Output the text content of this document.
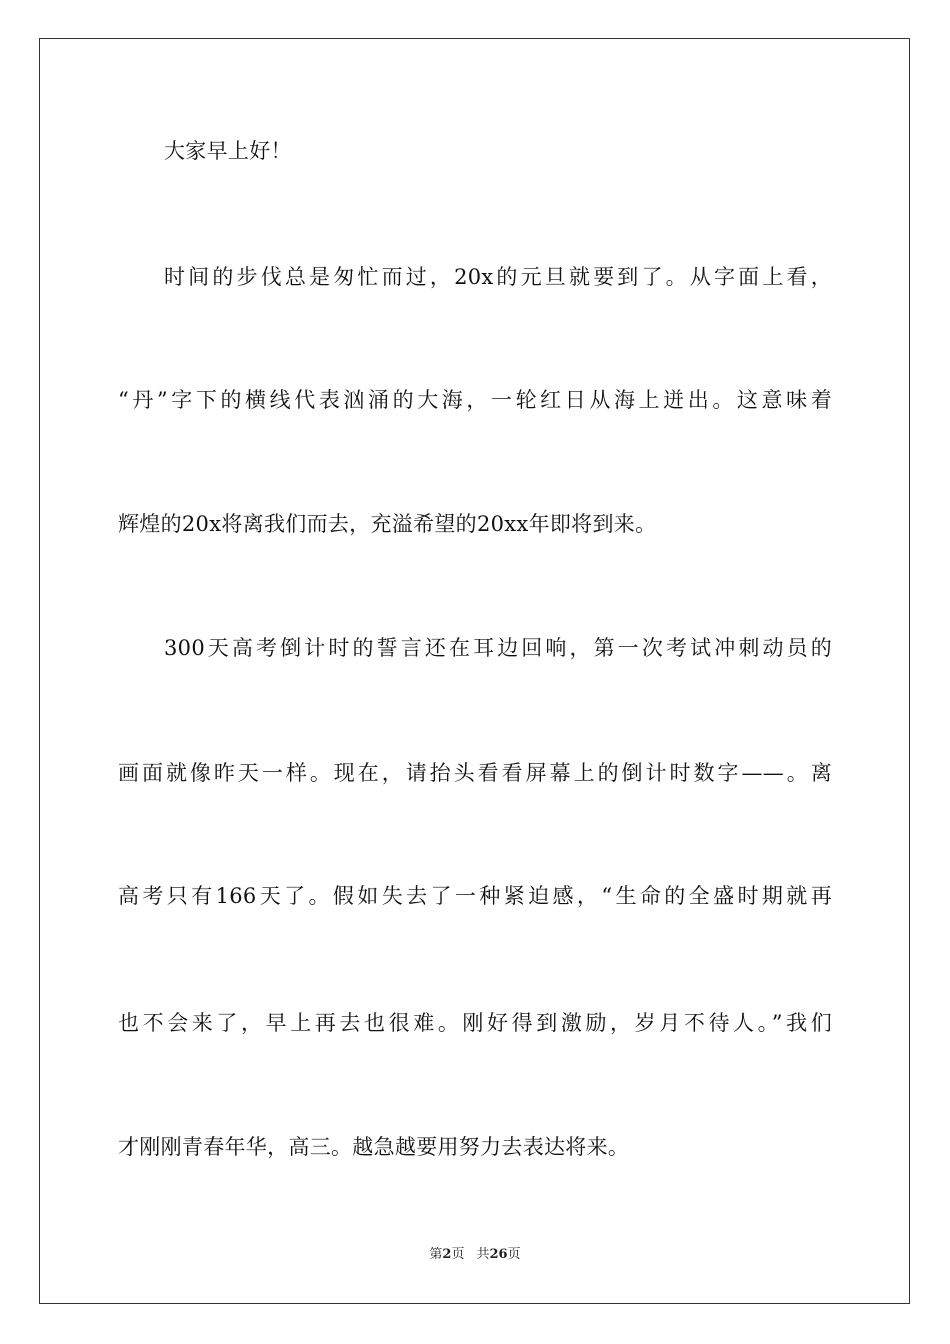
大家早上好！
时间的步伐总是匆忙而过，20x的元旦就要到了。从字面上看，
“丹”字下的横线代表汹涌的大海，一轮红日从海上迸出。这意味着
辉煌的20x将离我们而去，充溢希望的20xx年即将到来。
300天高考倒计时的誓言还在耳边回响，第一次考试冲刺动员的
画面就像昨天一样。现在，请抬头看看屏幕上的倒计时数字——。离
高考只有166天了。假如失去了一种紧迫感，“生命的全盛时期就再
也不会来了，早上再去也很难。刚好得到激励，岁月不待人。”我们
才刚刚青春年华，高三。越急越要用努力去表达将来。
第2页 共26页
